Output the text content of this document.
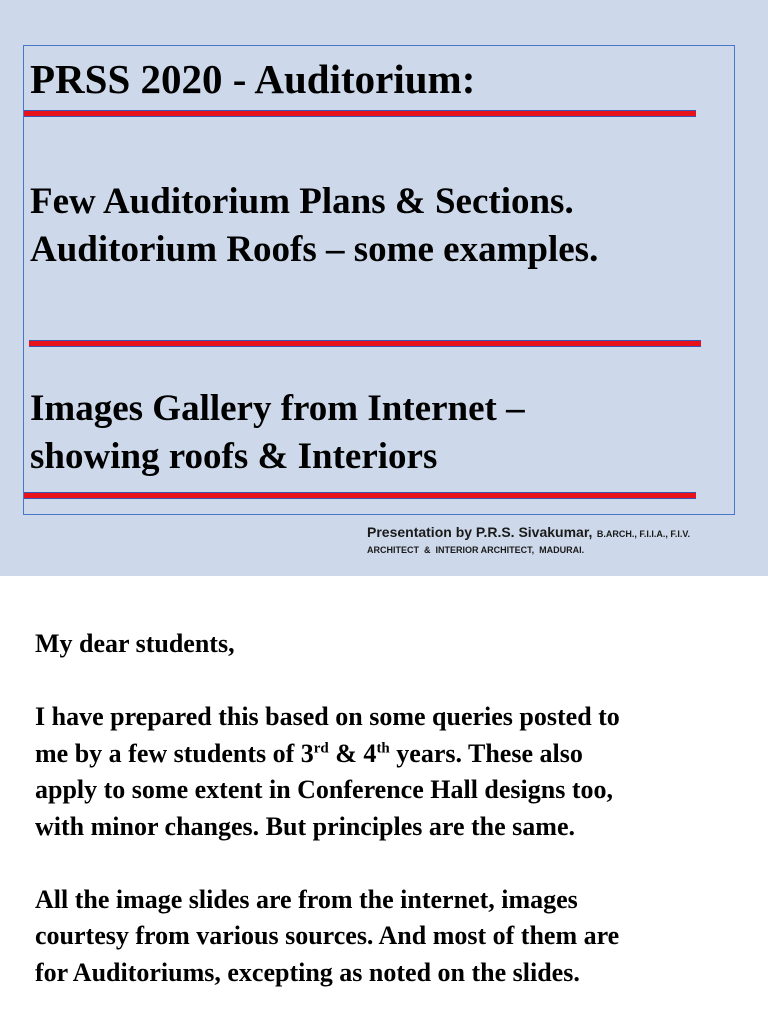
PRSS 2020 - Auditorium:
Few Auditorium Plans & Sections.
Auditorium Roofs – some examples.
Images Gallery from Internet –
showing roofs & Interiors
Presentation by P.R.S. Sivakumar, B.ARCH., F.I.I.A., F.I.V.
ARCHITECT  &  INTERIOR ARCHITECT,  MADURAI.

My dear students,

I have prepared this based on some queries posted to

me by a few students of 3rd & 4th years. These also

apply to some extent in Conference Hall designs too,

with minor changes. But principles are the same.

All the image slides are from the internet, images

courtesy from various sources. And most of them are

for Auditoriums, excepting as noted on the slides.
